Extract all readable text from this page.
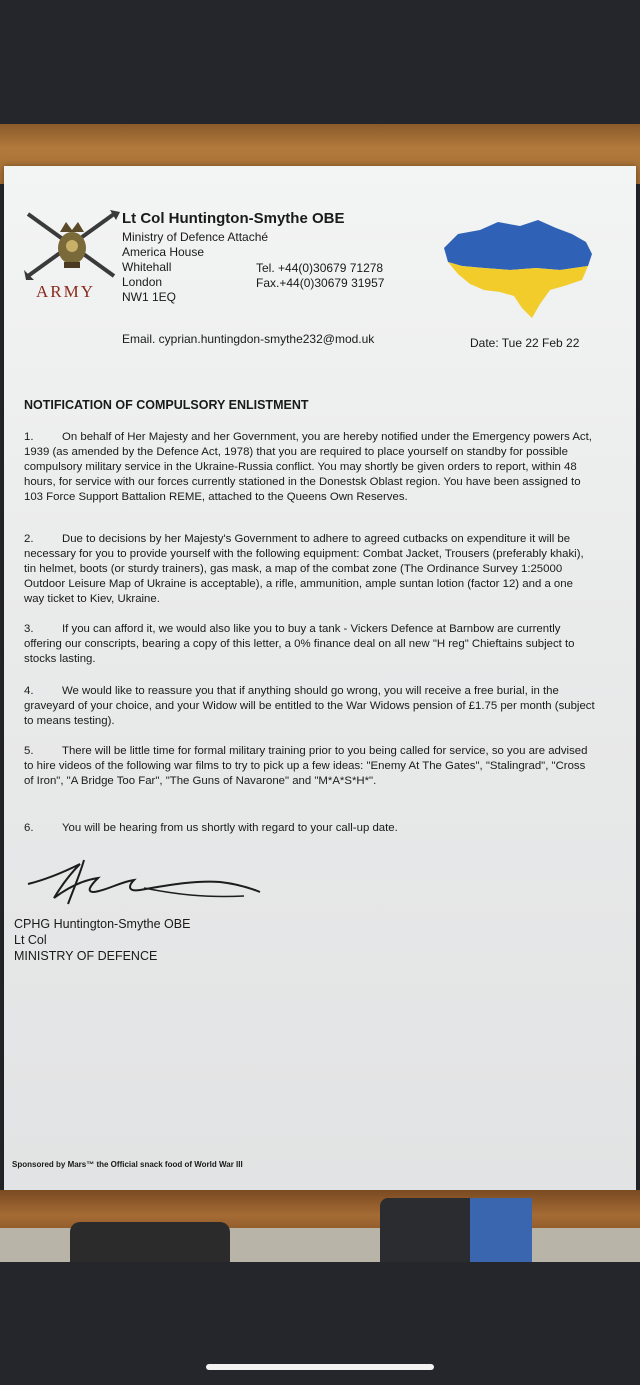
ARMY
Lt Col Huntington-Smythe OBE
Ministry of Defence Attaché
America House
Whitehall
London
NW1 1EQ
Tel. +44(0)30679 71278
Fax.+44(0)30679 31957
Email. cyprian.huntingdon-smythe232@mod.uk	Date: Tue 22 Feb 22
NOTIFICATION OF COMPULSORY ENLISTMENT

1.	On behalf of Her Majesty and her Government, you are hereby notified under the Emergency powers Act, 1939 (as amended by the Defence Act, 1978) that you are required to place yourself on standby for possible compulsory military service in the Ukraine-Russia conflict. You may shortly be given orders to report, within 48 hours, for service with our forces currently stationed in the Donestsk Oblast region. You have been assigned to 103 Force Support Battalion REME, attached to the Queens Own Reserves.

2.	Due to decisions by her Majesty's Government to adhere to agreed cutbacks on expenditure it will be necessary for you to provide yourself with the following equipment: Combat Jacket, Trousers (preferably khaki), tin helmet, boots (or sturdy trainers), gas mask, a map of the combat zone (The Ordinance Survey 1:25000 Outdoor Leisure Map of Ukraine is acceptable), a rifle, ammunition, ample suntan lotion (factor 12) and a one way ticket to Kiev, Ukraine.

3.	If you can afford it, we would also like you to buy a tank - Vickers Defence at Barnbow are currently offering our conscripts, bearing a copy of this letter, a 0% finance deal on all new "H reg" Chieftains subject to stocks lasting.

4.	We would like to reassure you that if anything should go wrong, you will receive a free burial, in the graveyard of your choice, and your Widow will be entitled to the War Widows pension of £1.75 per month (subject to means testing).

5.	There will be little time for formal military training prior to you being called for service, so you are advised to hire videos of the following war films to try to pick up a few ideas: "Enemy At The Gates", "Stalingrad", "Cross of Iron", "A Bridge Too Far", "The Guns of Navarone" and "M*A*S*H*".

6.	You will be hearing from us shortly with regard to your call-up date.

CPHG Huntington-Smythe OBE
Lt Col
MINISTRY OF DEFENCE
Sponsored by Mars™ the Official snack food of World War III
